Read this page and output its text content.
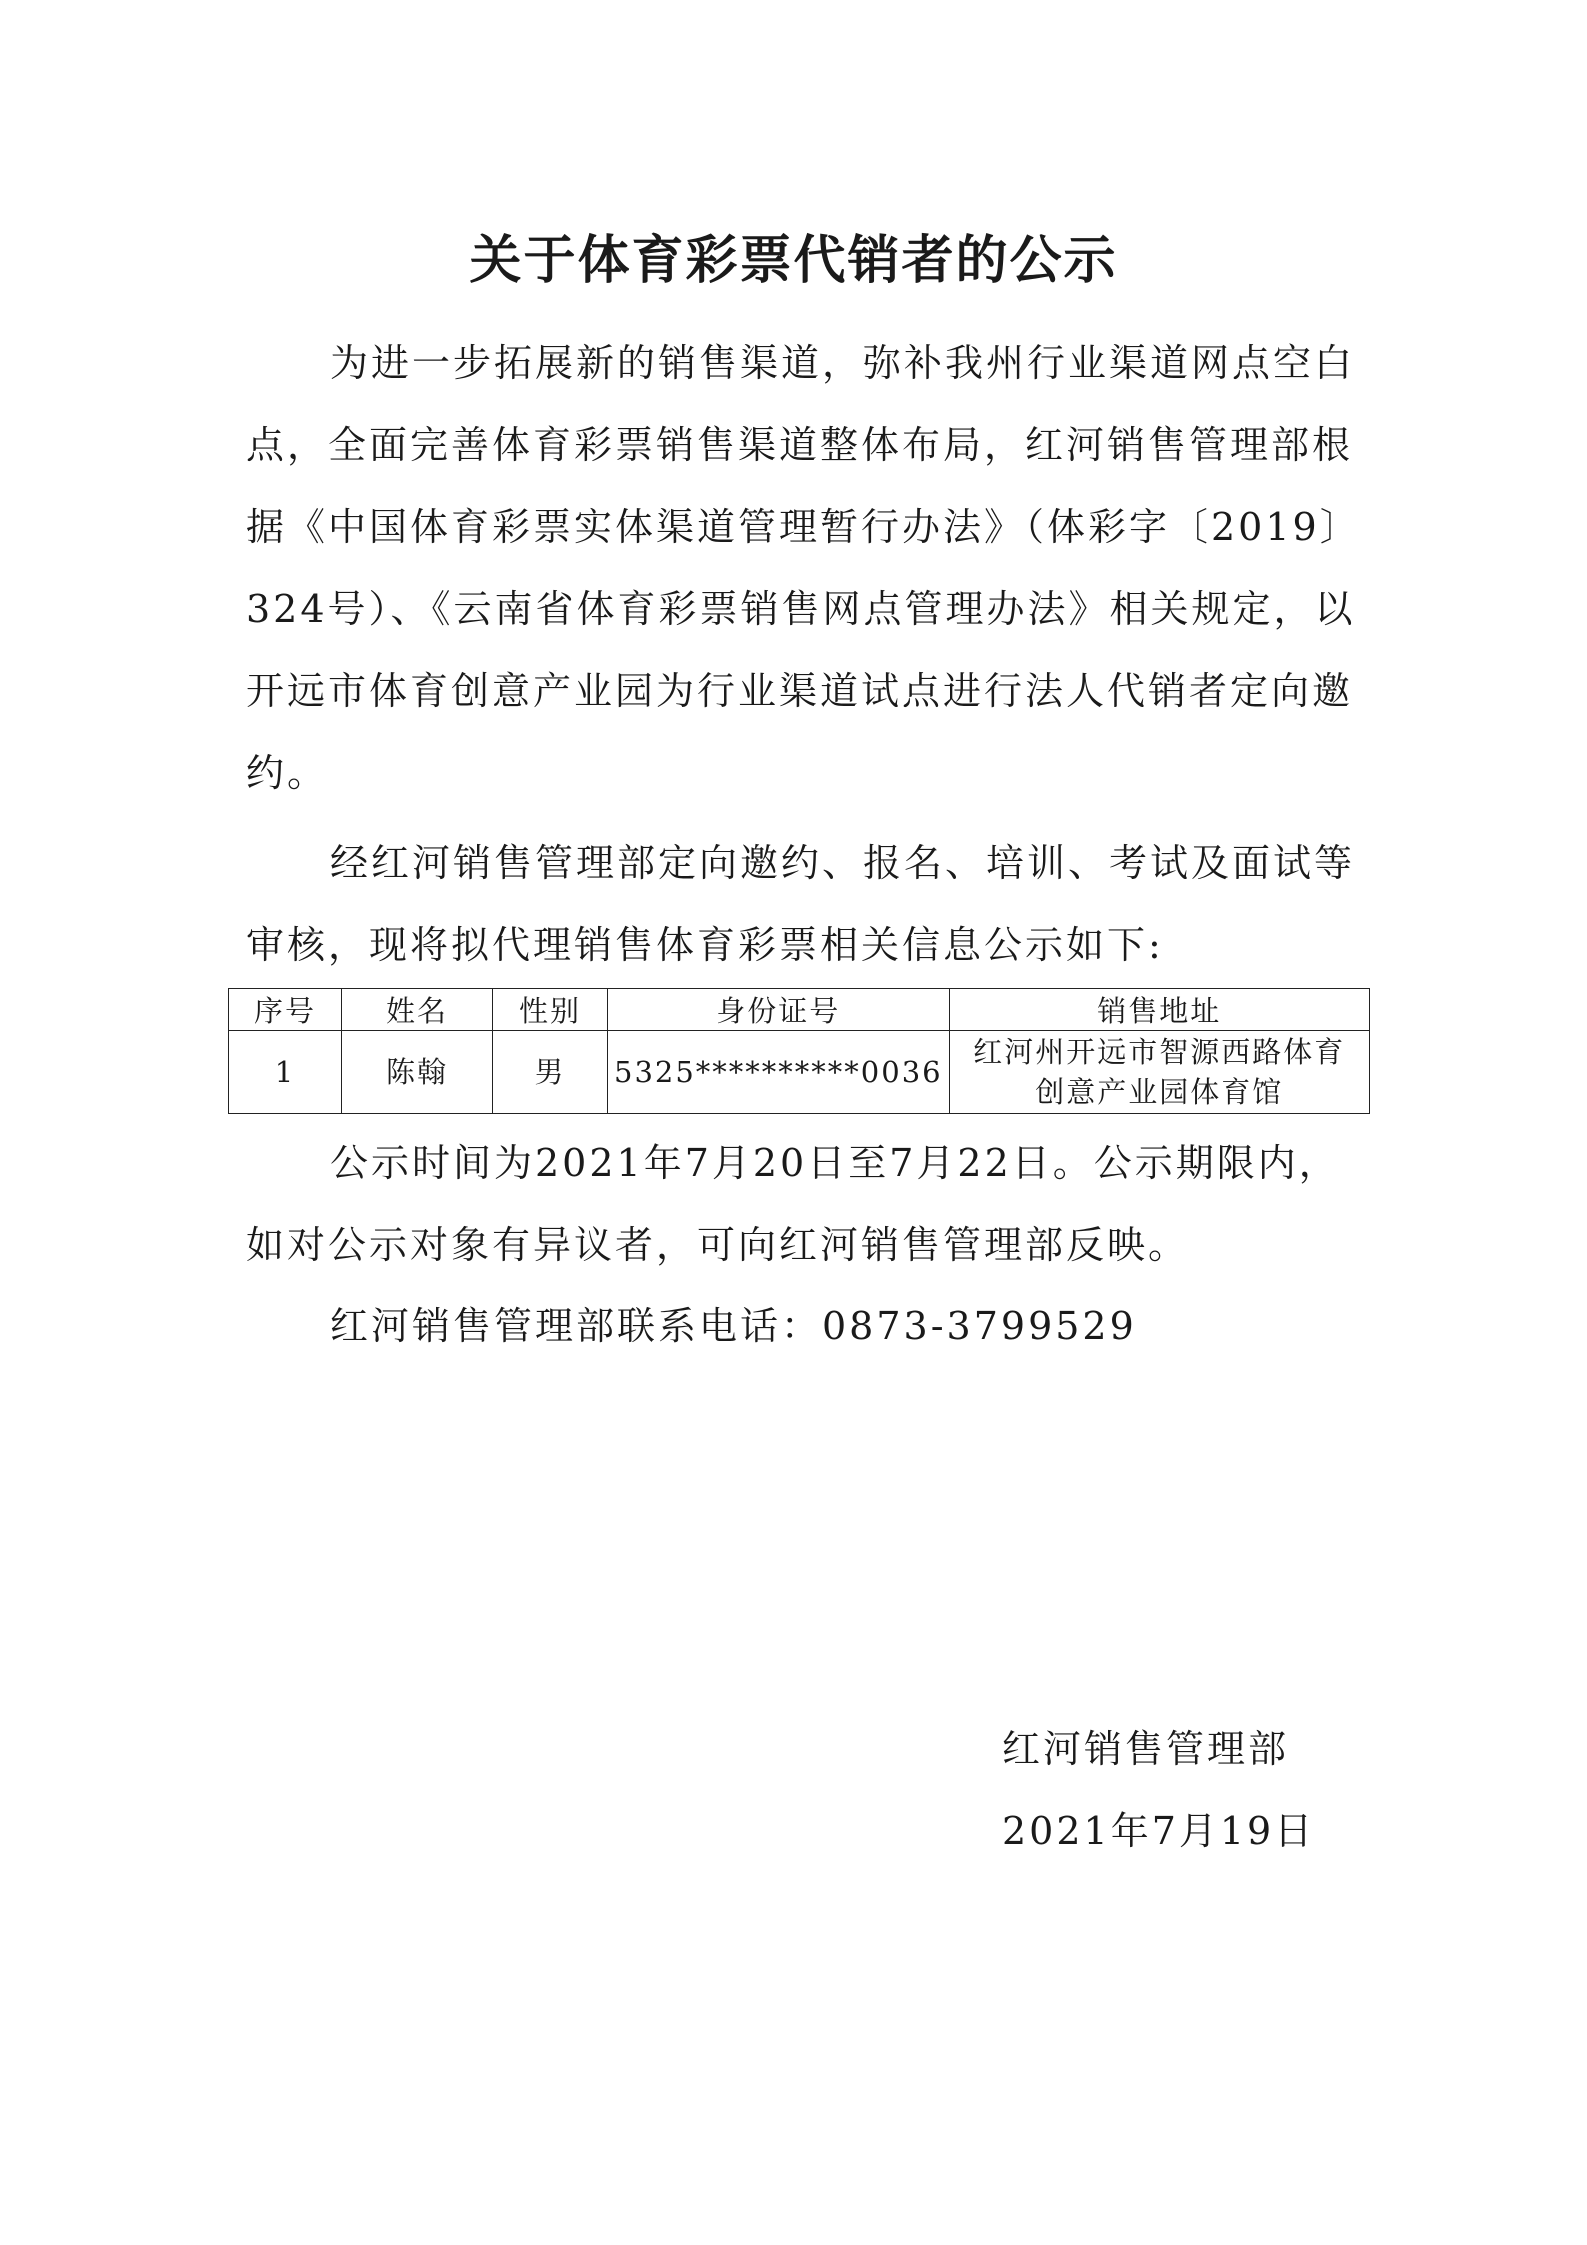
关于体育彩票代销者的公示

为进一步拓展新的销售渠道，弥补我州行业渠道网点空白点，全面完善体育彩票销售渠道整体布局，红河销售管理部根据《中国体育彩票实体渠道管理暂行办法》（体彩字〔2019〕324号）、《云南省体育彩票销售网点管理办法》相关规定，以开远市体育创意产业园为行业渠道试点进行法人代销者定向邀约。

经红河销售管理部定向邀约、报名、培训、考试及面试等审核，现将拟代理销售体育彩票相关信息公示如下:

序号	姓名	性别	身份证号	销售地址
1	陈翰	男	5325**********0036	红河州开远市智源西路体育创意产业园体育馆

公示时间为2021年7月20日至7月22日。公示期限内，如对公示对象有异议者，可向红河销售管理部反映。

红河销售管理部联系电话：0873-3799529

红河销售管理部
2021年7月19日
